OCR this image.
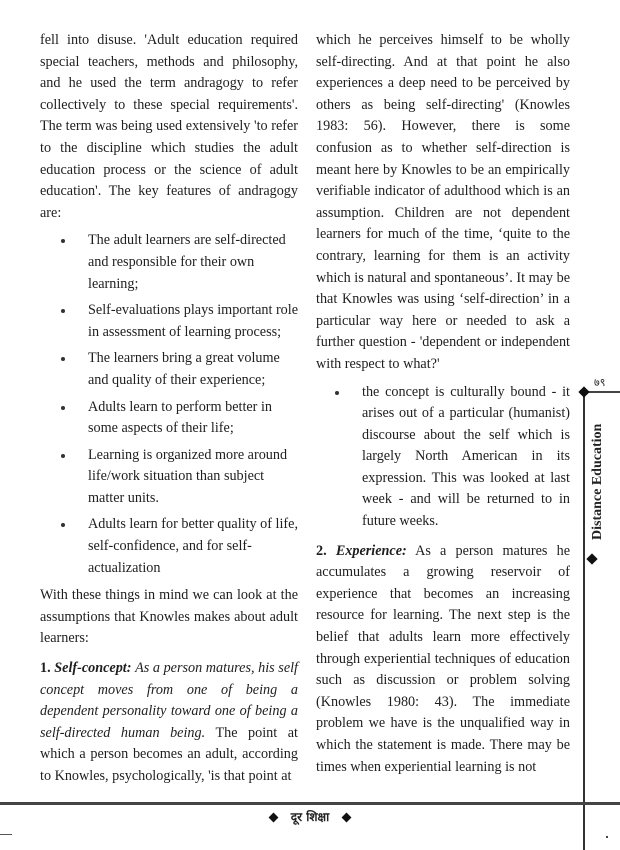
fell into disuse. 'Adult education required special teachers, methods and philosophy, and he used the term andragogy to refer collectively to these special requirements'. The term was being used extensively 'to refer to the discipline which studies the adult education process or the science of adult education'. The key features of andragogy are:

The adult learners are self-directed and responsible for their own learning;
Self-evaluations plays important role in assessment of learning process;
The learners bring a great volume and quality of their experience;
Adults learn to perform better in some aspects of their life;
Learning is organized more around life/work situation than subject matter units.
Adults learn for better quality of life, self-confidence, and for self-actualization

With these things in mind we can look at the assumptions that Knowles makes about adult learners:

1. Self-concept: As a person matures, his self concept moves from one of being a dependent personality toward one of being a self-directed human being. The point at which a person becomes an adult, according to Knowles, psychologically, 'is that point at

which he perceives himself to be wholly self-directing. And at that point he also experiences a deep need to be perceived by others as being self-directing' (Knowles 1983: 56). However, there is some confusion as to whether self-direction is meant here by Knowles to be an empirically verifiable indicator of adulthood which is an assumption. Children are not dependent learners for much of the time, ‘quite to the contrary, learning for them is an activity which is natural and spontaneous’. It may be that Knowles was using ‘self-direction’ in a particular way here or needed to ask a further question - 'dependent or independent with respect to what?'

the concept is culturally bound - it arises out of a particular (humanist) discourse about the self which is largely North American in its expression. This was looked at last week - and will be returned to in future weeks.

2. Experience: As a person matures he accumulates a growing reservoir of experience that becomes an increasing resource for learning. The next step is the belief that adults learn more effectively through experiential techniques of education such as discussion or problem solving (Knowles 1980: 43). The immediate problem we have is the unqualified way in which the statement is made. There may be times when experiential learning is not

७९
Distance Education
दूर शिक्षा
